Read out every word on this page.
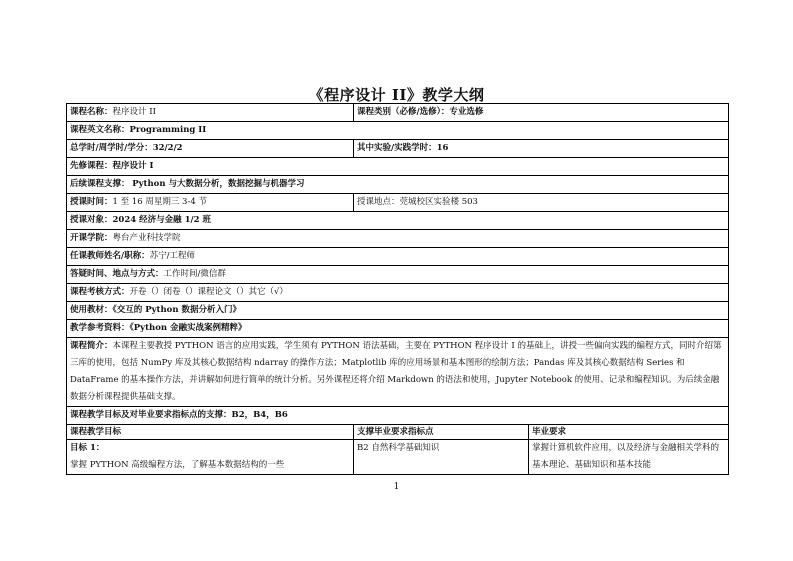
《程序设计 II》教学大纲
课程名称：程序设计 II	课程类别（必修/选修）：专业选修	
课程英文名称：Programming II		
总学时/周学时/学分：32/2/2	其中实验/实践学时：16	
先修课程：程序设计 I		
后续课程支撑： Python 与大数据分析，数据挖掘与机器学习		
授课时间：1 至 16 周星期三 3-4 节	授课地点：莞城校区实验楼 503	
授课对象：2024 经济与金融 1/2 班		
开课学院：粤台产业科技学院		
任课教师姓名/职称：苏宁/工程师		
答疑时间、地点与方式：工作时间/微信群		
课程考核方式：开卷（）闭卷（）课程论文（）其它（√）		
使用教材：《交互的 Python 数据分析入门》		
教学参考资料：《Python 金融实战案例精粹》		
课程简介：本课程主要教授 PYTHON 语言的应用实践，学生须有 PYTHON 语法基础，主要在 PYTHON 程序设计 I 的基础上，讲授一些偏向实践的编程方式，同时介绍第三库的使用，包括 NumPy 库及其核心数据结构 ndarray 的操作方法；Matplotlib 库的应用场景和基本图形的绘制方法；Pandas 库及其核心数据结构 Series 和 DataFrame 的基本操作方法，并讲解如何进行简单的统计分析。另外课程还将介绍 Markdown 的语法和使用，Jupyter Notebook 的使用、记录和编程知识。为后续金融数据分析课程提供基础支撑。		
课程教学目标及对毕业要求指标点的支撑：B2，B4，B6		
课程教学目标	支撑毕业要求指标点	毕业要求

目标 1：
掌握 PYTHON 高级编程方法，了解基本数据结构的一些	B2 自然科学基础知识	掌握计算机软件应用，以及经济与金融相关学科的基本理论、基础知识和基本技能
1
